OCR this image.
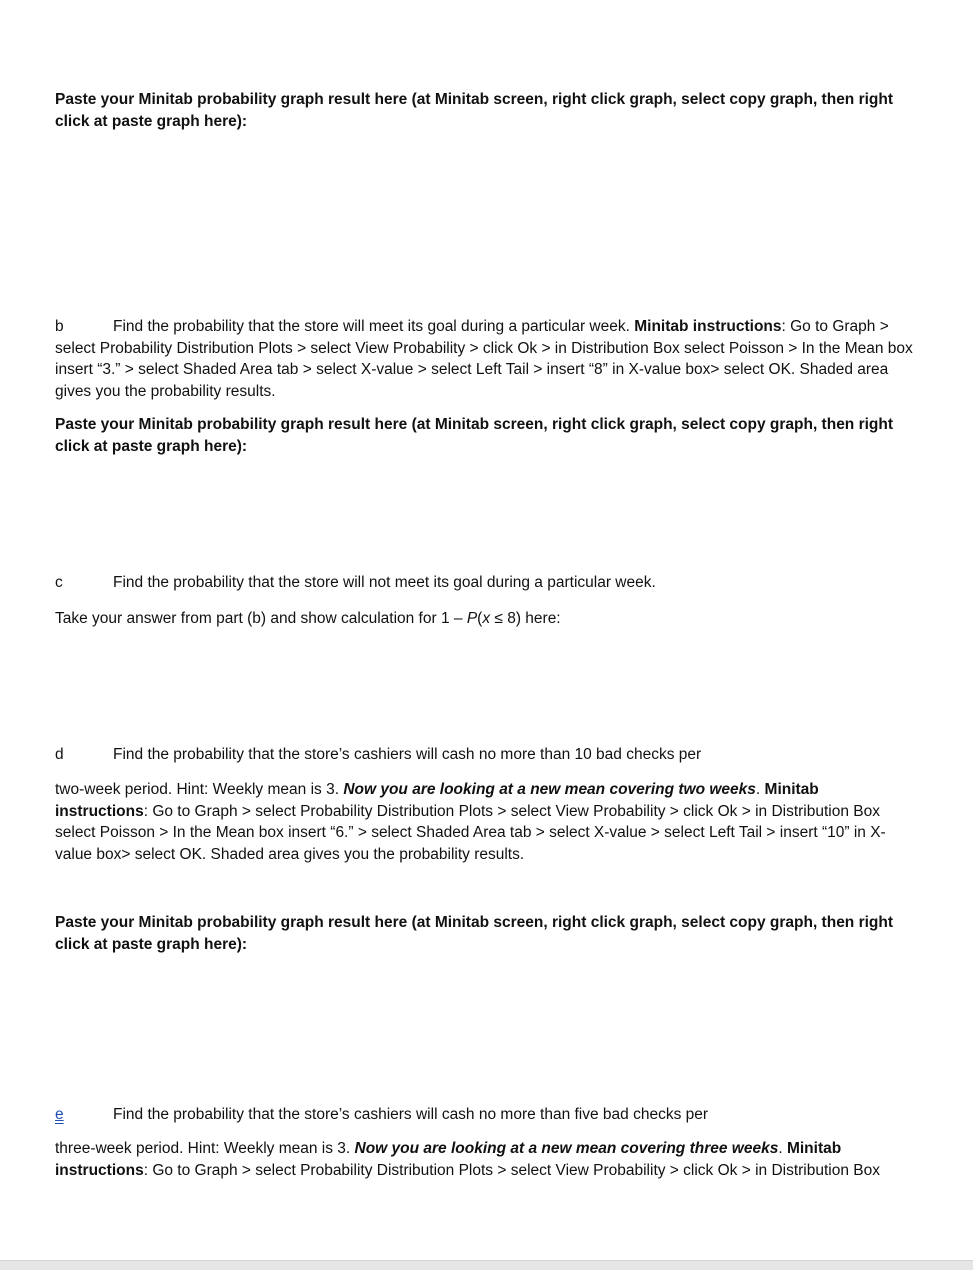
Paste your Minitab probability graph result here (at Minitab screen, right click graph, select copy graph, then right click at paste graph here):

b	Find the probability that the store will meet its goal during a particular week. Minitab instructions: Go to Graph > select Probability Distribution Plots > select View Probability > click Ok > in Distribution Box select Poisson > In the Mean box insert “3.” > select Shaded Area tab > select X-value > select Left Tail > insert “8” in X-value box> select OK. Shaded area gives you the probability results.

Paste your Minitab probability graph result here (at Minitab screen, right click graph, select copy graph, then right click at paste graph here):

c	Find the probability that the store will not meet its goal during a particular week.

Take your answer from part (b) and show calculation for 1 – P(x ≤ 8) here:

d	Find the probability that the store’s cashiers will cash no more than 10 bad checks per

two-week period. Hint: Weekly mean is 3. Now you are looking at a new mean covering two weeks. Minitab instructions: Go to Graph > select Probability Distribution Plots > select View Probability > click Ok > in Distribution Box select Poisson > In the Mean box insert “6.” > select Shaded Area tab > select X-value > select Left Tail > insert “10” in X-value box> select OK. Shaded area gives you the probability results.

Paste your Minitab probability graph result here (at Minitab screen, right click graph, select copy graph, then right click at paste graph here):

e	Find the probability that the store’s cashiers will cash no more than five bad checks per

three-week period. Hint: Weekly mean is 3. Now you are looking at a new mean covering three weeks. Minitab instructions: Go to Graph > select Probability Distribution Plots > select View Probability > click Ok > in Distribution Box
